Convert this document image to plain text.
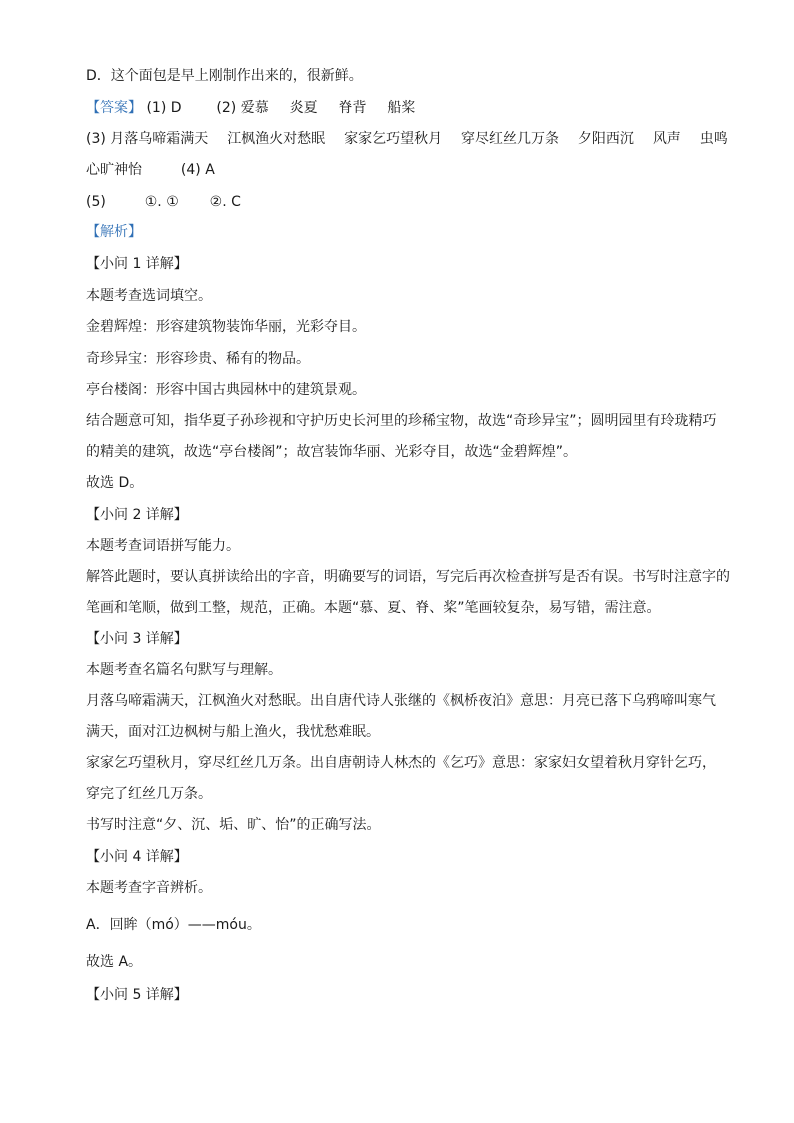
D．这个面包是早上刚制作出来的，很新鲜。
【答案】 (1) D (2) 爱慕 炎夏 脊背 船桨
(3) 月落乌啼霜满天 江枫渔火对愁眠 家家乞巧望秋月 穿尽红丝几万条 夕阳西沉 风声 虫鸣
心旷神怡	(4) A
(5)	①. ① ②. C
【解析】
【小问 1 详解】
本题考查选词填空。
金碧辉煌：形容建筑物装饰华丽，光彩夺目。
奇珍异宝：形容珍贵、稀有的物品。
亭台楼阁：形容中国古典园林中的建筑景观。
结合题意可知，指华夏子孙珍视和守护历史长河里的珍稀宝物，故选“奇珍异宝”；圆明园里有玲珑精巧
的精美的建筑，故选“亭台楼阁”；故宫装饰华丽、光彩夺目，故选“金碧辉煌”。
故选 D。
【小问 2 详解】
本题考查词语拼写能力。
解答此题时，要认真拼读给出的字音，明确要写的词语，写完后再次检查拼写是否有误。书写时注意字的
笔画和笔顺，做到工整，规范，正确。本题“慕、夏、脊、桨”笔画较复杂，易写错，需注意。
【小问 3 详解】
本题考查名篇名句默写与理解。
月落乌啼霜满天，江枫渔火对愁眠。出自唐代诗人张继的《枫桥夜泊》意思：月亮已落下乌鸦啼叫寒气
满天，面对江边枫树与船上渔火，我忧愁难眠。
家家乞巧望秋月，穿尽红丝几万条。出自唐朝诗人林杰的《乞巧》意思：家家妇女望着秋月穿针乞巧，
穿完了红丝几万条。
书写时注意“夕、沉、垢、旷、怡”的正确写法。
【小问 4 详解】
本题考查字音辨析。
A．回眸（mó）——móu。
故选 A。
【小问 5 详解】
